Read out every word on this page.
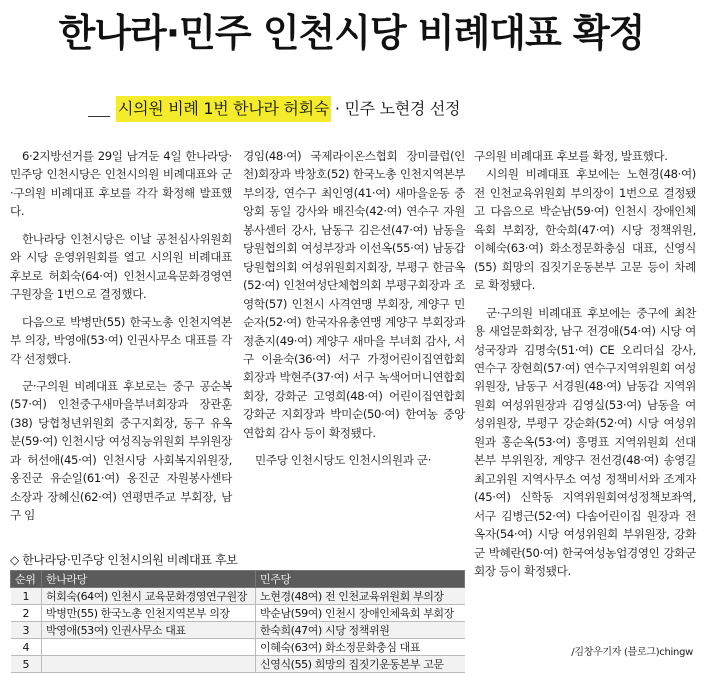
한나라·민주 인천시당 비례대표 확정
시의원 비례 1번 한나라 허회숙 · 민주 노현경 선정

6·2지방선거를 29일 남겨둔 4일 한나라당·민주당 인천시당은 인천시의원 비례대표와 군·구의원 비례대표 후보를 각각 확정해 발표했다.

한나라당 인천시당은 이날 공천심사위원회와 시당 운영위원회를 열고 시의원 비례대표 후보로 허회숙(64·여) 인천시교육문화경영연구원장을 1번으로 결정했다.

다음으로 박병만(55) 한국노총 인천지역본부 의장, 박영애(53·여) 인권사무소 대표를 각각 선정했다.

군·구의원 비례대표 후보로는 중구 공순복(57·여) 인천중구새마을부녀회장과 장관훈(38) 당협청년위원회 중구지회장, 동구 유옥분(59·여) 인천시당 여성직능위원회 부위원장과 허선애(45·여) 인천시당 사회복지위원장, 옹진군 유순일(61·여) 옹진군 자원봉사센타 소장과 장혜신(62·여) 연평면주교 부회장, 남구 임

경임(48·여) 국제라이온스협회 장미클럽(인천)회장과 박창호(52) 한국노총 인천지역본부 부의장, 연수구 최인영(41·여) 새마을운동 중앙회 동일 강사와 배진숙(42·여) 연수구 자원봉사센터 강사, 남동구 김은선(47·여) 남동을당원협의회 여성부장과 이선옥(55·여) 남동갑당원협의회 여성위원회지회장, 부평구 한금옥(52·여) 인천여성단체협의회 부평구회장과 조영학(57) 인천시 사격연맹 부회장, 계양구 민순자(52·여) 한국자유총연맹 계양구 부회장과 정춘지(49·여) 계양구 새마을 부녀회 감사, 서구 이윤숙(36·여) 서구 가정어린이집연합회 회장과 박현주(37·여) 서구 녹색어머니연합회 회장, 강화군 고영희(48·여) 어린이집연합회강화군 지회장과 박미순(50·여) 한여농 중앙연합회 감사 등이 확정됐다.

민주당 인천시당도 인천시의원과 군·

구의원 비례대표 후보를 확정, 발표했다.

시의원 비례대표 후보에는 노현경(48·여) 전 인천교육위원회 부의장이 1번으로 결정됐고 다음으로 박순남(59·여) 인천시 장애인체육회 부회장, 한숙희(47·여) 시당 정책위원, 이혜숙(63·여) 화소정문화충심 대표, 신영식(55) 희망의 집짓기운동본부 고문 등이 차례로 확정됐다.

군·구의원 비례대표 후보에는 중구에 최찬용 새얼문화회장, 남구 전경애(54·여) 시당 여성국장과 김명숙(51·여) CE 오리더십 강사, 연수구 장현희(57·여) 연수구지역위원회 여성위원장, 남동구 서경원(48·여) 남동갑 지역위원회 여성위원장과 김영실(53·여) 남동을 여성위원장, 부평구 강순화(52·여) 시당 여성위원과 홍순옥(53·여) 흥명표 지역위원회 선대본부 부위원장, 계양구 전선경(48·여) 송영길 최고위원 지역사무소 여성 정책비서와 조계자(45·여) 신학동 지역위원회여성정책보좌역, 서구 김병근(52·여) 다솜어린이집 원장과 전옥자(54·여) 시당 여성위원회 부위원장, 강화군 박혜란(50·여) 한국여성농업경영인 강화군 회장 등이 확정됐다.

◇ 한나라당·민주당 인천시의원 비례대표 후보
순위	한나라당	민주당
1	허회숙(64여) 인천시 교육문화경영연구원장	노현경(48여) 전 인천교육위원회 부의장
2	박병만(55) 한국노총 인천지역본부 의장	박순남(59여) 인천시 장애인체육회 부회장
3	박영애(53여) 인권사무소 대표	한숙희(47여) 시당 정책위원
4		이혜숙(63여) 화소정문화충심 대표
5		신영식(55) 희망의 집짓기운동본부 고문
/김창우기자 (블로그)chingw
